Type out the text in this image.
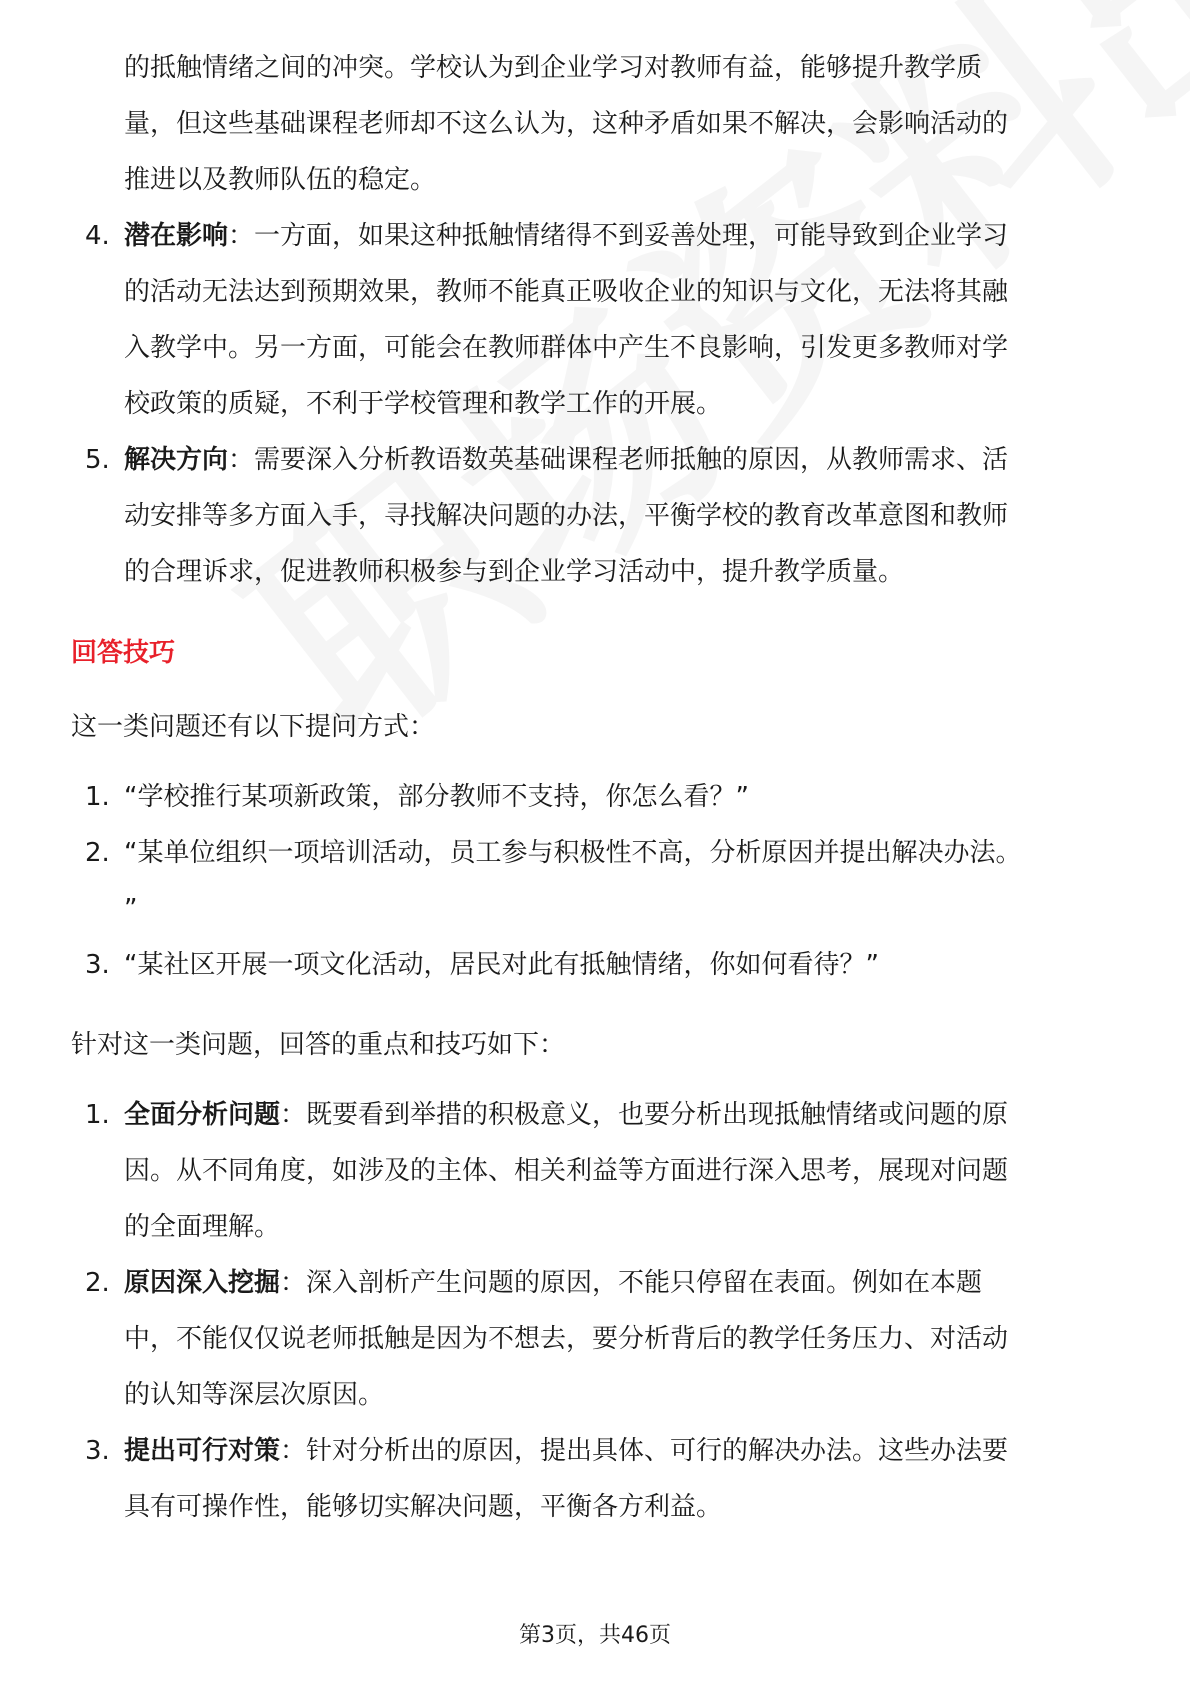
的抵触情绪之间的冲突。学校认为到企业学习对教师有益，能够提升教学质
量，但这些基础课程老师却不这么认为，这种矛盾如果不解决，会影响活动的
推进以及教师队伍的稳定。
4. 潜在影响：一方面，如果这种抵触情绪得不到妥善处理，可能导致到企业学习
的活动无法达到预期效果，教师不能真正吸收企业的知识与文化，无法将其融
入教学中。另一方面，可能会在教师群体中产生不良影响，引发更多教师对学
校政策的质疑，不利于学校管理和教学工作的开展。
5. 解决方向：需要深入分析教语数英基础课程老师抵触的原因，从教师需求、活
动安排等多方面入手，寻找解决问题的办法，平衡学校的教育改革意图和教师
的合理诉求，促进教师积极参与到企业学习活动中，提升教学质量。
回答技巧
这一类问题还有以下提问方式：
1. “学校推行某项新政策，部分教师不支持，你怎么看？”
2. “某单位组织一项培训活动，员工参与积极性不高，分析原因并提出解决办法。
”
3. “某社区开展一项文化活动，居民对此有抵触情绪，你如何看待？”
针对这一类问题，回答的重点和技巧如下：
1. 全面分析问题：既要看到举措的积极意义，也要分析出现抵触情绪或问题的原
因。从不同角度，如涉及的主体、相关利益等方面进行深入思考，展现对问题
的全面理解。
2. 原因深入挖掘：深入剖析产生问题的原因，不能只停留在表面。例如在本题
中，不能仅仅说老师抵触是因为不想去，要分析背后的教学任务压力、对活动
的认知等深层次原因。
3. 提出可行对策：针对分析出的原因，提出具体、可行的解决办法。这些办法要
具有可操作性，能够切实解决问题，平衡各方利益。
第3页，共46页
